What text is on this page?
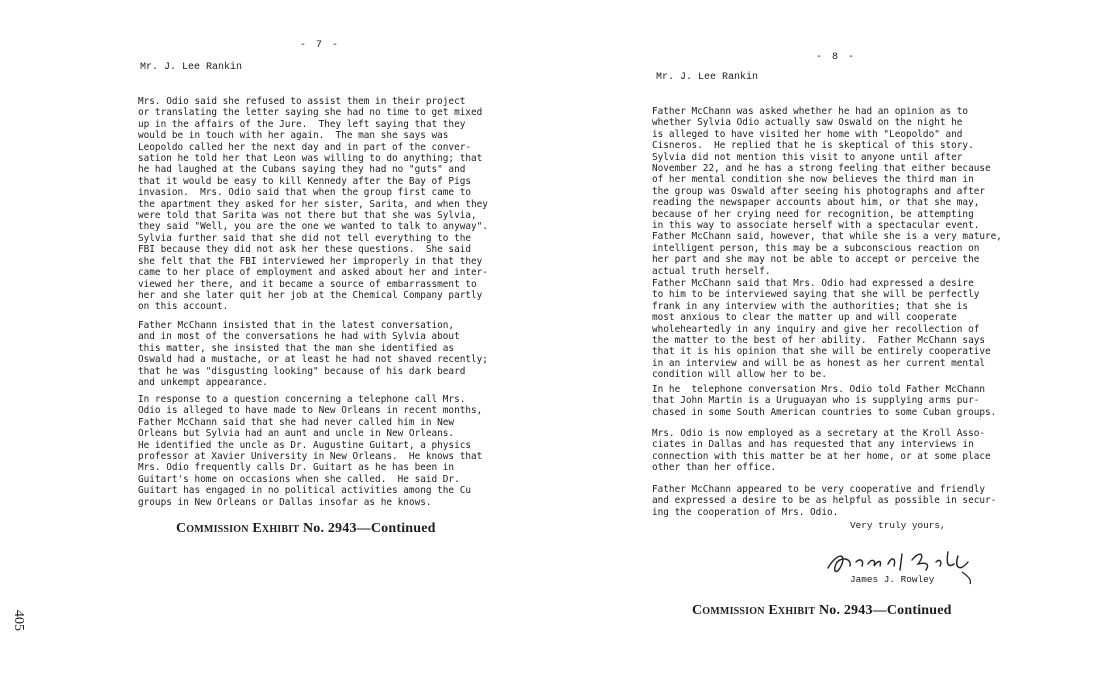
- 7 -
Mr. J. Lee Rankin
Mrs. Odio said she refused to assist them in their project
or translating the letter saying she had no time to get mixed
up in the affairs of the Jure.  They left saying that they
would be in touch with her again.  The man she says was
Leopoldo called her the next day and in part of the conver-
sation he told her that Leon was willing to do anything; that
he had laughed at the Cubans saying they had no "guts" and
that it would be easy to kill Kennedy after the Bay of Pigs
invasion.  Mrs. Odio said that when the group first came to
the apartment they asked for her sister, Sarita, and when they
were told that Sarita was not there but that she was Sylvia,
they said "Well, you are the one we wanted to talk to anyway".
Sylvia further said that she did not tell everything to the
FBI because they did not ask her these questions.  She said
she felt that the FBI interviewed her improperly in that they
came to her place of employment and asked about her and inter-
viewed her there, and it became a source of embarrassment to
her and she later quit her job at the Chemical Company partly
on this account.
Father McChann insisted that in the latest conversation,
and in most of the conversations he had with Sylvia about
this matter, she insisted that the man she identified as
Oswald had a mustache, or at least he had not shaved recently;
that he was "disgusting looking" because of his dark beard
and unkempt appearance.
In response to a question concerning a telephone call Mrs.
Odio is alleged to have made to New Orleans in recent months,
Father McChann said that she had never called him in New
Orleans but Sylvia had an aunt and uncle in New Orleans.
He identified the uncle as Dr. Augustine Guitart, a physics
professor at Xavier University in New Orleans.  He knows that
Mrs. Odio frequently calls Dr. Guitart as he has been in
Guitart's home on occasions when she called.  He said Dr.
Guitart has engaged in no political activities among the Cu
groups in New Orleans or Dallas insofar as he knows.
Commission Exhibit No. 2943—Continued
- 8 -
Mr. J. Lee Rankin
Father McChann was asked whether he had an opinion as to
whether Sylvia Odio actually saw Oswald on the night he
is alleged to have visited her home with "Leopoldo" and
Cisneros.  He replied that he is skeptical of this story.
Sylvia did not mention this visit to anyone until after
November 22, and he has a strong feeling that either because
of her mental condition she now believes the third man in
the group was Oswald after seeing his photographs and after
reading the newspaper accounts about him, or that she may,
because of her crying need for recognition, be attempting
in this way to associate herself with a spectacular event.
Father McChann said, however, that while she is a very mature,
intelligent person, this may be a subconscious reaction on
her part and she may not be able to accept or perceive the
actual truth herself.
Father McChann said that Mrs. Odio had expressed a desire
to him to be interviewed saying that she will be perfectly
frank in any interview with the authorities; that she is
most anxious to clear the matter up and will cooperate
wholeheartedly in any inquiry and give her recollection of
the matter to the best of her ability.  Father McChann says
that it is his opinion that she will be entirely cooperative
in an interview and will be as honest as her current mental
condition will allow her to be.
In he  telephone conversation Mrs. Odio told Father McChann
that John Martin is a Uruguayan who is supplying arms pur-
chased in some South American countries to some Cuban groups.
Mrs. Odio is now employed as a secretary at the Kroll Asso-
ciates in Dallas and has requested that any interviews in
connection with this matter be at her home, or at some place
other than her office.
Father McChann appeared to be very cooperative and friendly
and expressed a desire to be as helpful as possible in secur-
ing the cooperation of Mrs. Odio.
Very truly yours,
James J. Rowley
Commission Exhibit No. 2943—Continued
405
